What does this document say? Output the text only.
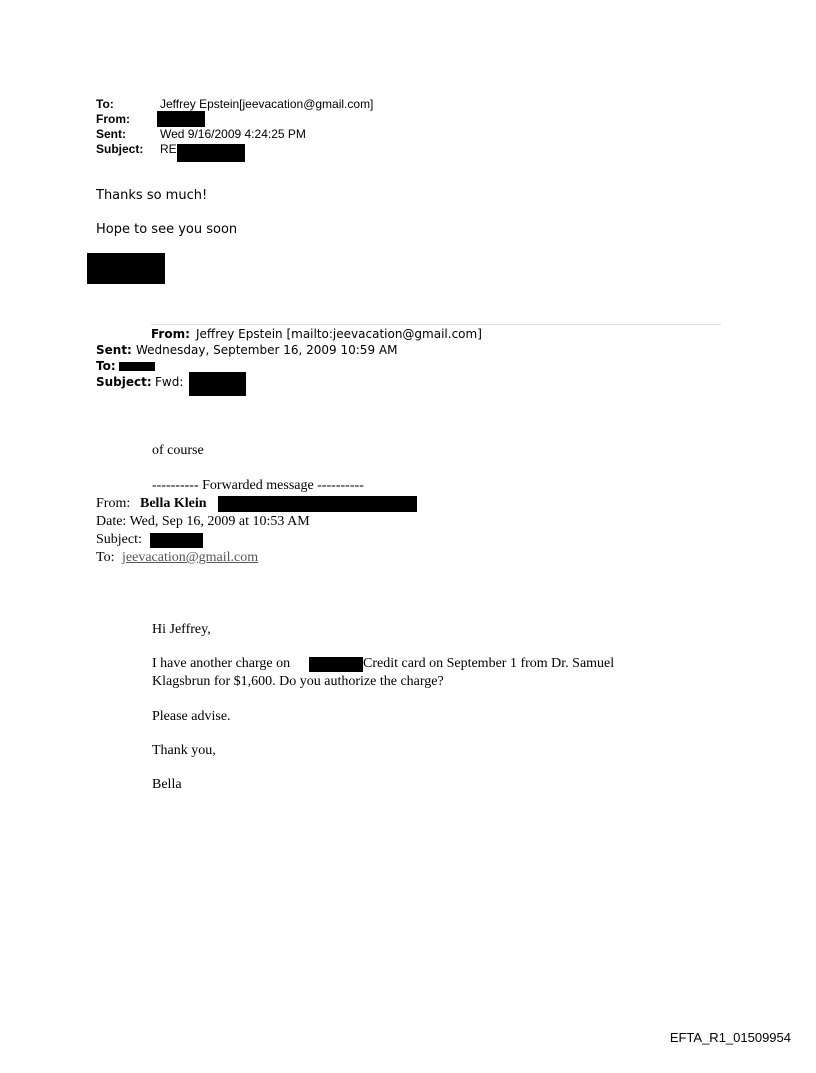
To:	Jeffrey Epstein[jeevacation@gmail.com]
From:
Sent:	Wed 9/16/2009 4:24:25 PM
Subject: RE
Thanks so much!
Hope to see you soon
From: Jeffrey Epstein [mailto:jeevacation@gmail.com]
Sent: Wednesday, September 16, 2009 10:59 AM
To:
Subject: Fwd:
of course
---------- Forwarded message ----------
From: Bella Klein
Date: Wed, Sep 16, 2009 at 10:53 AM
Subject:
To: jeevacation@gmail.com
Hi Jeffrey,
I have another charge on	Credit card on September 1 from Dr. Samuel
Klagsbrun for $1,600. Do you authorize the charge?
Please advise.
Thank you,
Bella
EFTA_R1_01509954
